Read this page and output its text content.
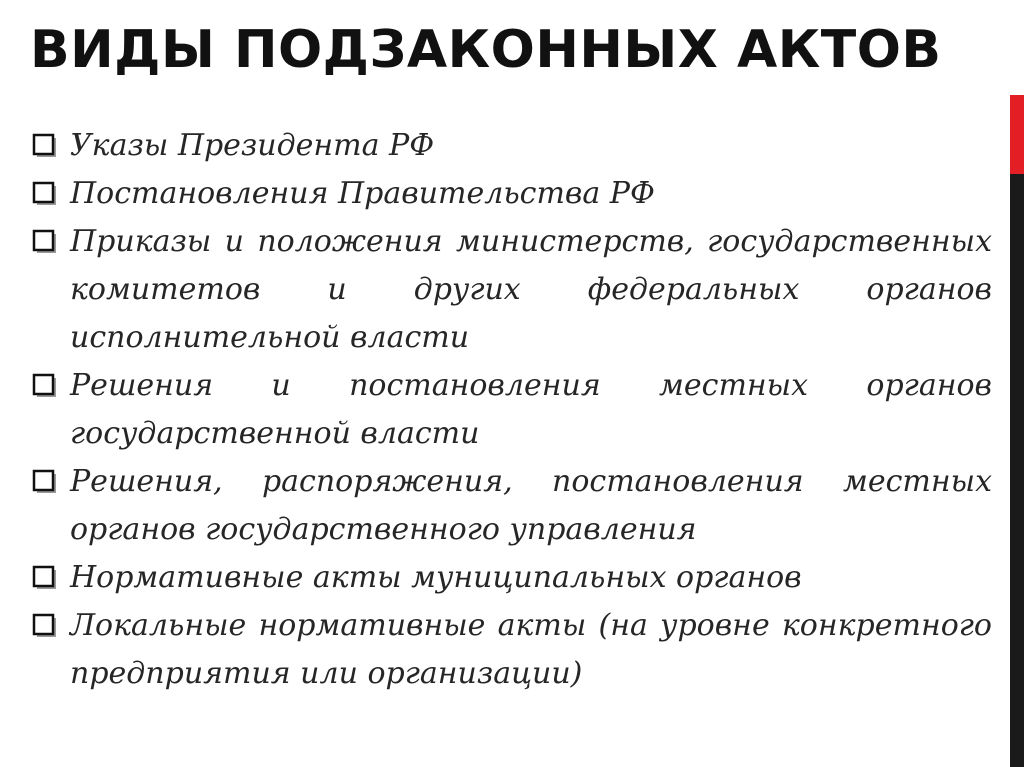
ВИДЫ ПОДЗАКОННЫХ АКТОВ
Указы Президента РФ
Постановления Правительства РФ
Приказы и положения министерств, государственных комитетов и других федеральных органов исполнительной власти
Решения и постановления местных органов государственной власти
Решения, распоряжения, постановления местных органов государственного управления
Нормативные акты муниципальных органов
Локальные нормативные акты (на уровне конкретного предприятия или организации)
